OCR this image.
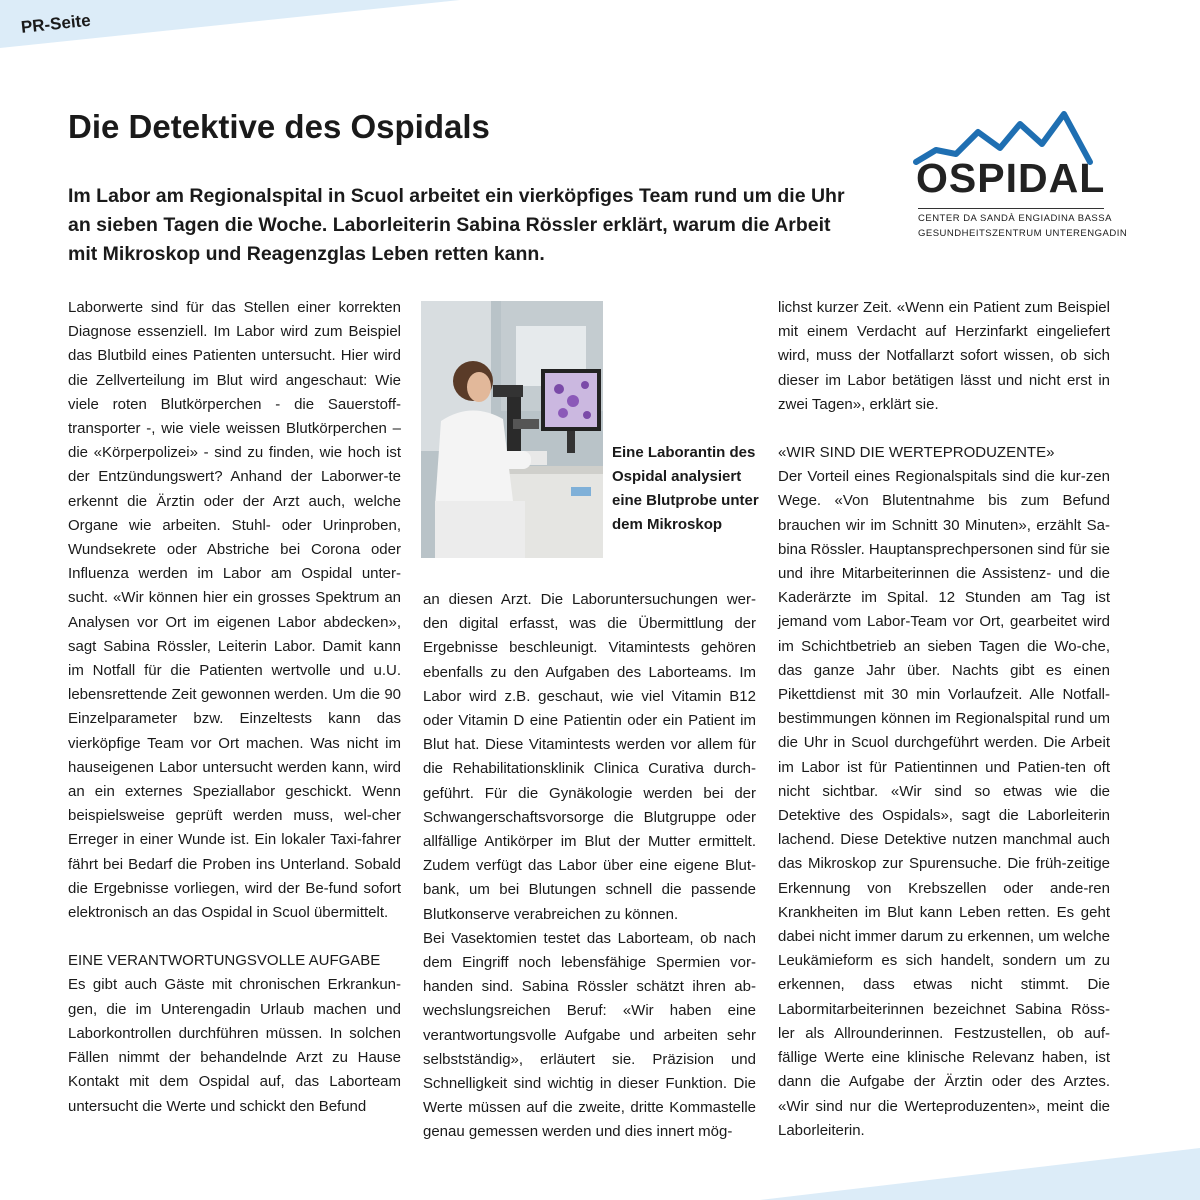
PR-Seite
Die Detektive des Ospidals

Im Labor am Regionalspital in Scuol arbeitet ein vierköpfiges Team rund um die Uhr an sieben Tagen die Woche. Laborleiterin Sabina Rössler erklärt, warum die Arbeit mit Mikroskop und Reagenzglas Leben retten kann.

OSPIDAL
CENTER DA SANDÀ ENGIADINA BASSA
GESUNDHEITSZENTRUM UNTERENGADIN

Laborwerte sind für das Stellen einer korrekten Diagnose essenziell. Im Labor wird zum Beispiel das Blutbild eines Patienten untersucht. Hier wird die Zellverteilung im Blut wird angeschaut: Wie viele roten Blutkörperchen - die Sauerstoff-transporter -, wie viele weissen Blutkörperchen – die «Körperpolizei» - sind zu finden, wie hoch ist der Entzündungswert? Anhand der Laborwer-te erkennt die Ärztin oder der Arzt auch, welche Organe wie arbeiten. Stuhl- oder Urinproben, Wundsekrete oder Abstriche bei Corona oder Influenza werden im Labor am Ospidal unter-sucht. «Wir können hier ein grosses Spektrum an Analysen vor Ort im eigenen Labor abdecken», sagt Sabina Rössler, Leiterin Labor. Damit kann im Notfall für die Patienten wertvolle und u.U. lebensrettende Zeit gewonnen werden. Um die 90 Einzelparameter bzw. Einzeltests kann das vierköpfige Team vor Ort machen. Was nicht im hauseigenen Labor untersucht werden kann, wird an ein externes Speziallabor geschickt. Wenn beispielsweise geprüft werden muss, wel-cher Erreger in einer Wunde ist. Ein lokaler Taxi-fahrer fährt bei Bedarf die Proben ins Unterland. Sobald die Ergebnisse vorliegen, wird der Be-fund sofort elektronisch an das Ospidal in Scuol übermittelt.

EINE VERANTWORTUNGSVOLLE AUFGABE

Es gibt auch Gäste mit chronischen Erkrankun-gen, die im Unterengadin Urlaub machen und Laborkontrollen durchführen müssen. In solchen Fällen nimmt der behandelnde Arzt zu Hause Kontakt mit dem Ospidal auf, das Laborteam untersucht die Werte und schickt den Befund

Eine Laborantin des Ospidal analysiert eine Blutprobe unter dem Mikroskop

an diesen Arzt. Die Laboruntersuchungen wer-den digital erfasst, was die Übermittlung der Ergebnisse beschleunigt. Vitamintests gehören ebenfalls zu den Aufgaben des Laborteams. Im Labor wird z.B. geschaut, wie viel Vitamin B12 oder Vitamin D eine Patientin oder ein Patient im Blut hat. Diese Vitamintests werden vor allem für die Rehabilitationsklinik Clinica Curativa durch-geführt. Für die Gynäkologie werden bei der Schwangerschaftsvorsorge die Blutgruppe oder allfällige Antikörper im Blut der Mutter ermittelt. Zudem verfügt das Labor über eine eigene Blut-bank, um bei Blutungen schnell die passende Blutkonserve verabreichen zu können.

Bei Vasektomien testet das Laborteam, ob nach dem Eingriff noch lebensfähige Spermien vor-handen sind. Sabina Rössler schätzt ihren ab-wechslungsreichen Beruf: «Wir haben eine verantwortungsvolle Aufgabe und arbeiten sehr selbstständig», erläutert sie. Präzision und Schnelligkeit sind wichtig in dieser Funktion. Die Werte müssen auf die zweite, dritte Kommastelle genau gemessen werden und dies innert mög-

lichst kurzer Zeit. «Wenn ein Patient zum Beispiel mit einem Verdacht auf Herzinfarkt eingeliefert wird, muss der Notfallarzt sofort wissen, ob sich dieser im Labor betätigen lässt und nicht erst in zwei Tagen», erklärt sie.

«WIR SIND DIE WERTEPRODUZENTE»

Der Vorteil eines Regionalspitals sind die kur-zen Wege. «Von Blutentnahme bis zum Befund brauchen wir im Schnitt 30 Minuten», erzählt Sa-bina Rössler. Hauptansprechpersonen sind für sie und ihre Mitarbeiterinnen die Assistenz- und die Kaderärzte im Spital. 12 Stunden am Tag ist jemand vom Labor-Team vor Ort, gearbeitet wird im Schichtbetrieb an sieben Tagen die Wo-che, das ganze Jahr über. Nachts gibt es einen Pikettdienst mit 30 min Vorlaufzeit. Alle Notfall-bestimmungen können im Regionalspital rund um die Uhr in Scuol durchgeführt werden. Die Arbeit im Labor ist für Patientinnen und Patien-ten oft nicht sichtbar. «Wir sind so etwas wie die Detektive des Ospidals», sagt die Laborleiterin lachend. Diese Detektive nutzen manchmal auch das Mikroskop zur Spurensuche. Die früh-zeitige Erkennung von Krebszellen oder ande-ren Krankheiten im Blut kann Leben retten. Es geht dabei nicht immer darum zu erkennen, um welche Leukämieform es sich handelt, sondern um zu erkennen, dass etwas nicht stimmt. Die Labormitarbeiterinnen bezeichnet Sabina Röss-ler als Allrounderinnen. Festzustellen, ob auf-fällige Werte eine klinische Relevanz haben, ist dann die Aufgabe der Ärztin oder des Arztes. «Wir sind nur die Werteproduzenten», meint die Laborleiterin.
